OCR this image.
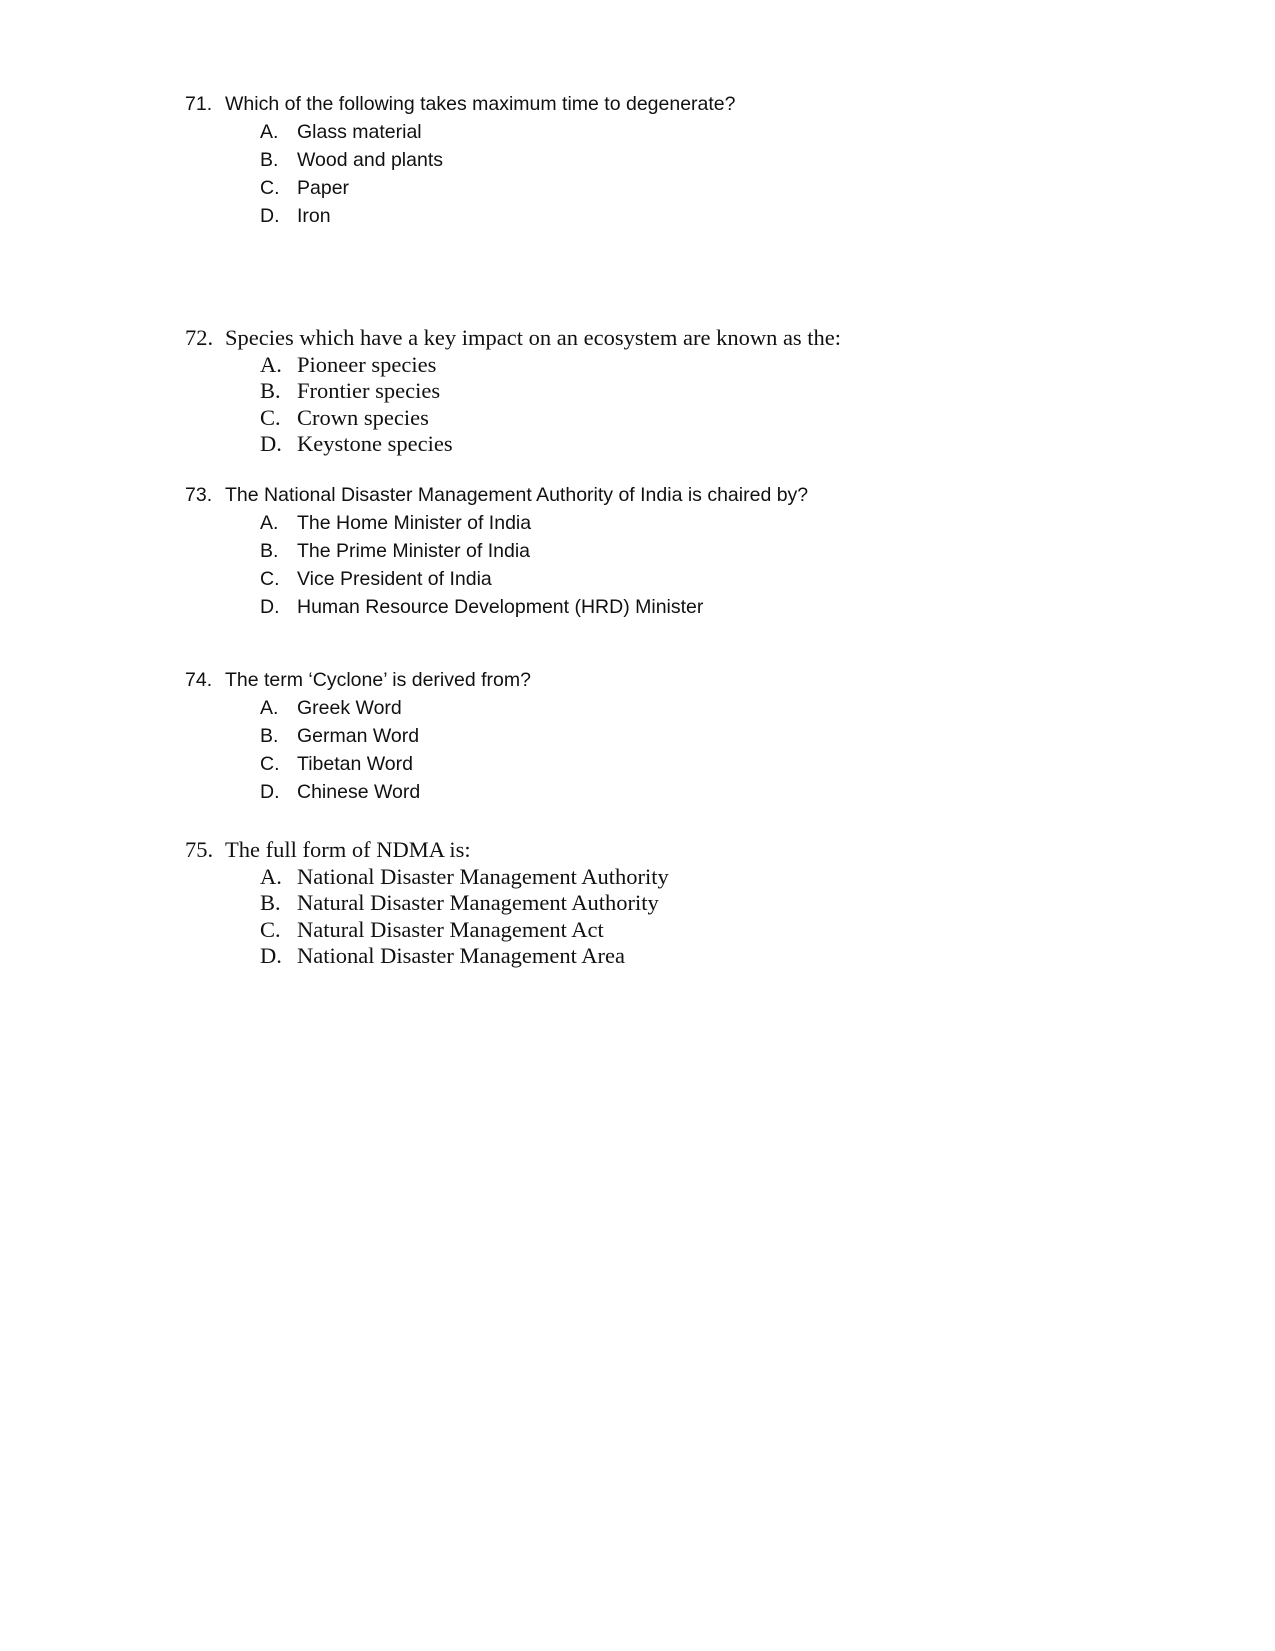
71. Which of the following takes maximum time to degenerate?
A. Glass material
B. Wood and plants
C. Paper
D. Iron
72. Species which have a key impact on an ecosystem are known as the:
A. Pioneer species
B. Frontier species
C. Crown species
D. Keystone species
73. The National Disaster Management Authority of India is chaired by?
A. The Home Minister of India
B. The Prime Minister of India
C. Vice President of India
D. Human Resource Development (HRD) Minister
74. The term ‘Cyclone’ is derived from?
A. Greek Word
B. German Word
C. Tibetan Word
D. Chinese Word
75. The full form of NDMA is:
A. National Disaster Management Authority
B. Natural Disaster Management Authority
C. Natural Disaster Management Act
D. National Disaster Management Area
